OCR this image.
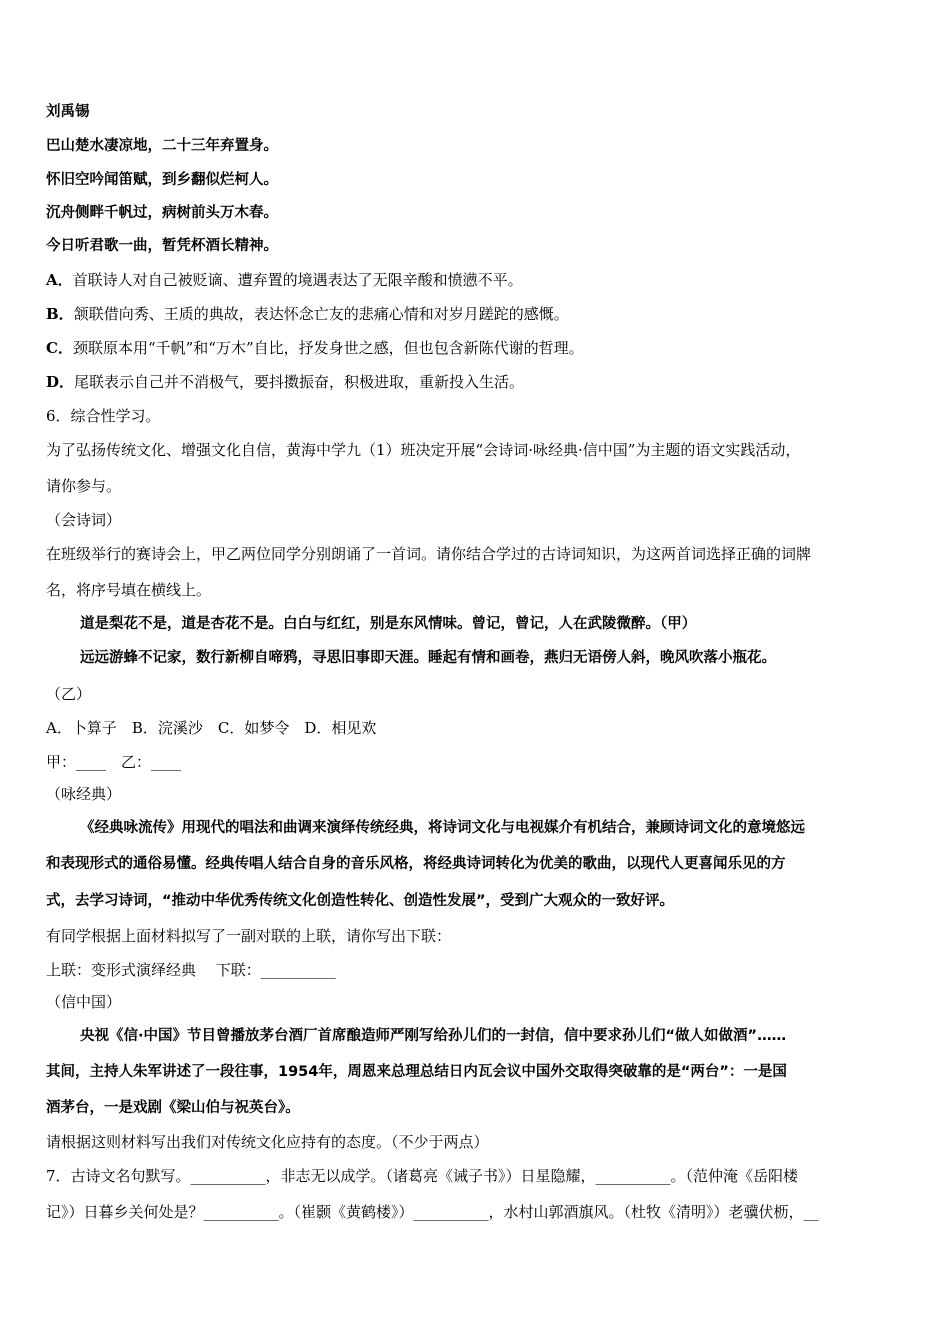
刘禹锡
巴山楚水凄凉地，二十三年弃置身。
怀旧空吟闻笛赋，到乡翻似烂柯人。
沉舟侧畔千帆过，病树前头万木春。
今日听君歌一曲，暂凭杯酒长精神。
A．首联诗人对自己被贬谪、遭弃置的境遇表达了无限辛酸和愤懑不平。
B．颔联借向秀、王质的典故，表达怀念亡友的悲痛心情和对岁月蹉跎的感慨。
C．颈联原本用“千帆”和“万木”自比，抒发身世之感，但也包含新陈代谢的哲理。
D．尾联表示自己并不消极气，要抖擞振奋，积极进取，重新投入生活。
6．综合性学习。
为了弘扬传统文化、增强文化自信，黄海中学九（1）班决定开展“会诗词·咏经典·信中国”为主题的语文实践活动，
请你参与。
（会诗词）
在班级举行的赛诗会上，甲乙两位同学分别朗诵了一首词。请你结合学过的古诗词知识，为这两首词选择正确的词牌
名，将序号填在横线上。
道是梨花不是，道是杏花不是。白白与红红，别是东风情味。曾记，曾记，人在武陵微醉。（甲）
远远游蜂不记家，数行新柳自啼鸦，寻思旧事即天涯。睡起有情和画卷，燕归无语傍人斜，晚风吹落小瓶花。
（乙）
A．卜算子　B．浣溪沙　C．如梦令　D．相见欢
甲：____　乙：____
（咏经典）
《经典咏流传》用现代的唱法和曲调来演绎传统经典，将诗词文化与电视媒介有机结合，兼顾诗词文化的意境悠远
和表现形式的通俗易懂。经典传唱人结合自身的音乐风格，将经典诗词转化为优美的歌曲，以现代人更喜闻乐见的方
式，去学习诗词，“推动中华优秀传统文化创造性转化、创造性发展”，受到广大观众的一致好评。
有同学根据上面材料拟写了一副对联的上联，请你写出下联：
上联：变形式演绎经典　 下联：__________
（信中国）
央视《信·中国》节目曾播放茅台酒厂首席酿造师严刚写给孙儿们的一封信，信中要求孙儿们“做人如做酒”……
其间，主持人朱军讲述了一段往事，1954年，周恩来总理总结日内瓦会议中国外交取得突破靠的是“两台”：一是国
酒茅台，一是戏剧《梁山伯与祝英台》。
请根据这则材料写出我们对传统文化应持有的态度。（不少于两点）
7．古诗文名句默写。__________，非志无以成学。（诸葛亮《诫子书》）日星隐耀，__________。（范仲淹《岳阳楼
记》）日暮乡关何处是？__________。（崔颢《黄鹤楼》）__________，水村山郭酒旗风。（杜牧《清明》）老骥伏枥，__
